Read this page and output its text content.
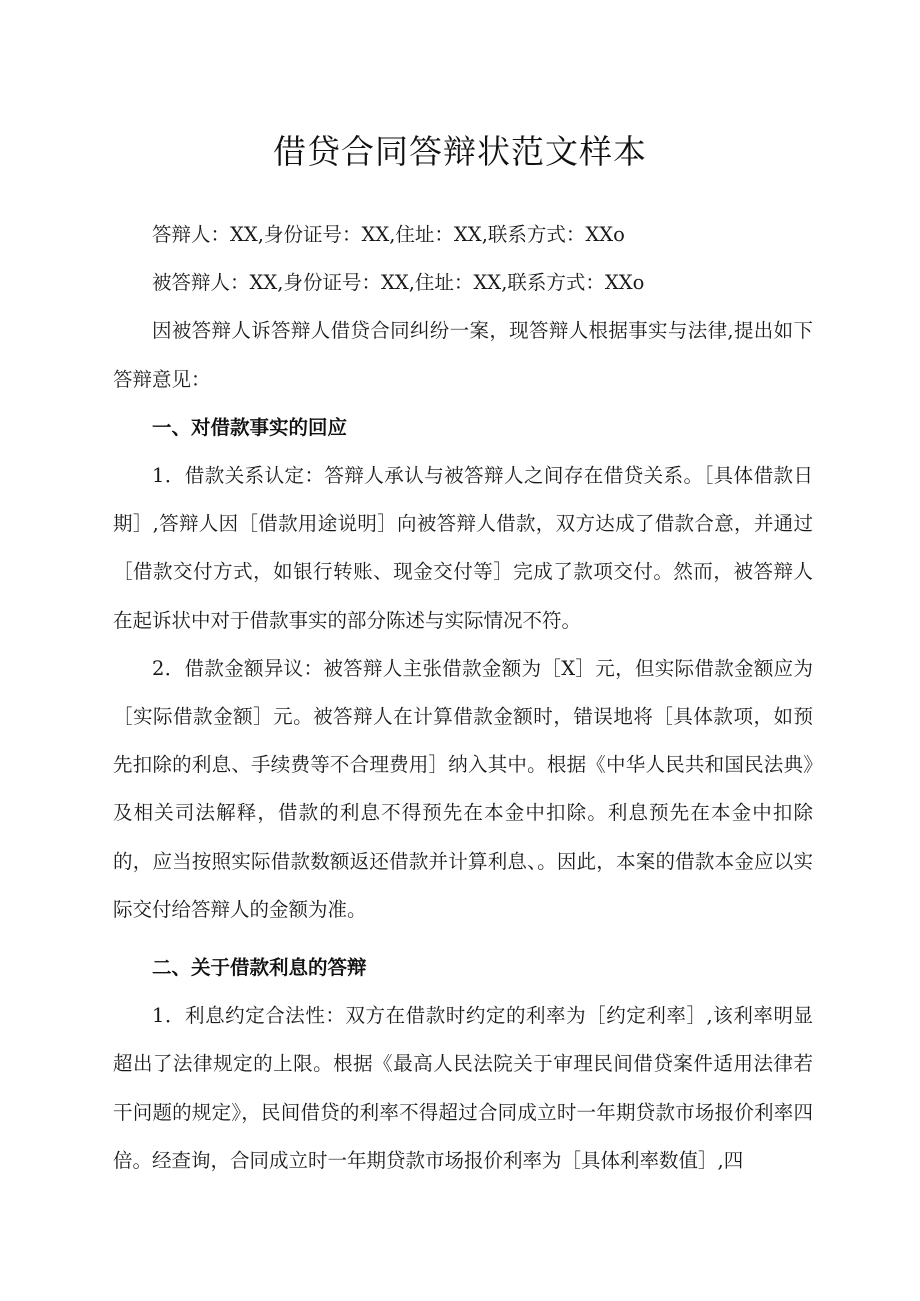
借贷合同答辩状范文样本

答辩人：XX,身份证号：XX,住址：XX,联系方式：XXo

被答辩人：XX,身份证号：XX,住址：XX,联系方式：XXo

因被答辩人诉答辩人借贷合同纠纷一案，现答辩人根据事实与法律,提出如下答辩意见：

一、对借款事实的回应

1．借款关系认定：答辩人承认与被答辩人之间存在借贷关系。［具体借款日期］,答辩人因［借款用途说明］向被答辩人借款，双方达成了借款合意，并通过［借款交付方式，如银行转账、现金交付等］完成了款项交付。然而，被答辩人在起诉状中对于借款事实的部分陈述与实际情况不符。

2．借款金额异议：被答辩人主张借款金额为［X］元，但实际借款金额应为［实际借款金额］元。被答辩人在计算借款金额时，错误地将［具体款项，如预先扣除的利息、手续费等不合理费用］纳入其中。根据《中华人民共和国民法典》及相关司法解释，借款的利息不得预先在本金中扣除。利息预先在本金中扣除的，应当按照实际借款数额返还借款并计算利息、。因此，本案的借款本金应以实际交付给答辩人的金额为准。

二、关于借款利息的答辩

1．利息约定合法性：双方在借款时约定的利率为［约定利率］,该利率明显超出了法律规定的上限。根据《最高人民法院关于审理民间借贷案件适用法律若干问题的规定》，民间借贷的利率不得超过合同成立时一年期贷款市场报价利率四倍。经查询，合同成立时一年期贷款市场报价利率为［具体利率数值］,四
